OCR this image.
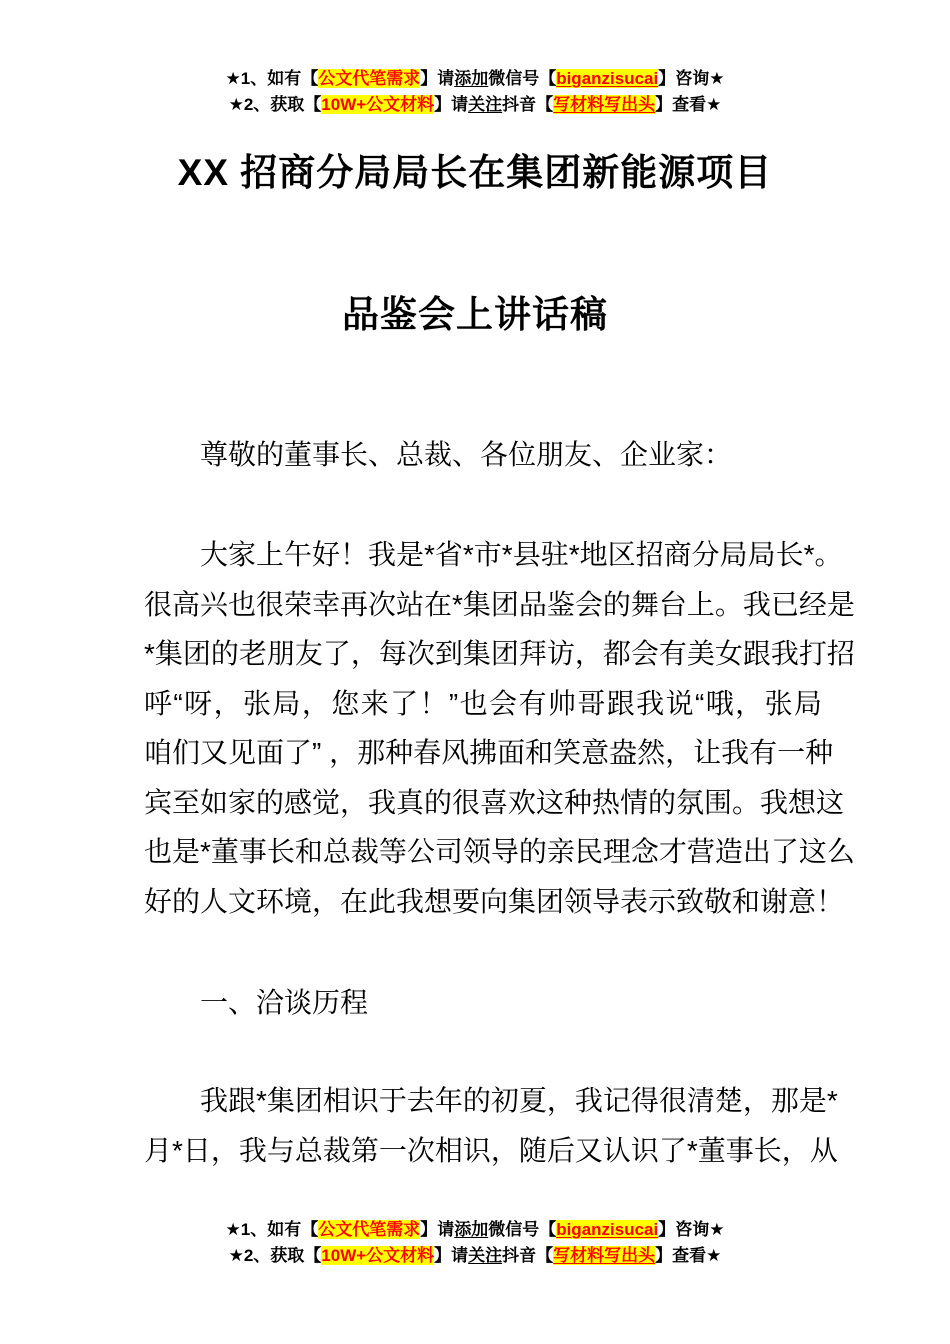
★1、如有【公文代笔需求】请添加微信号【biganzisucai】咨询★
★2、获取【10W+公文材料】请关注抖音【写材料写出头】查看★
XX 招商分局局长在集团新能源项目
品鉴会上讲话稿
尊敬的董事长、总裁、各位朋友、企业家：
大家上午好！我是*省*市*县驻*地区招商分局局长*。
很高兴也很荣幸再次站在*集团品鉴会的舞台上。我已经是
*集团的老朋友了，每次到集团拜访，都会有美女跟我打招
呼“呀，张局，您来了！”也会有帅哥跟我说“哦，张局
咱们又见面了” ，那种春风拂面和笑意盎然，让我有一种
宾至如家的感觉，我真的很喜欢这种热情的氛围。我想这
也是*董事长和总裁等公司领导的亲民理念才营造出了这么
好的人文环境，在此我想要向集团领导表示致敬和谢意！
一、洽谈历程
我跟*集团相识于去年的初夏，我记得很清楚，那是*
月*日，我与总裁第一次相识，随后又认识了*董事长，从
★1、如有【公文代笔需求】请添加微信号【biganzisucai】咨询★
★2、获取【10W+公文材料】请关注抖音【写材料写出头】查看★
